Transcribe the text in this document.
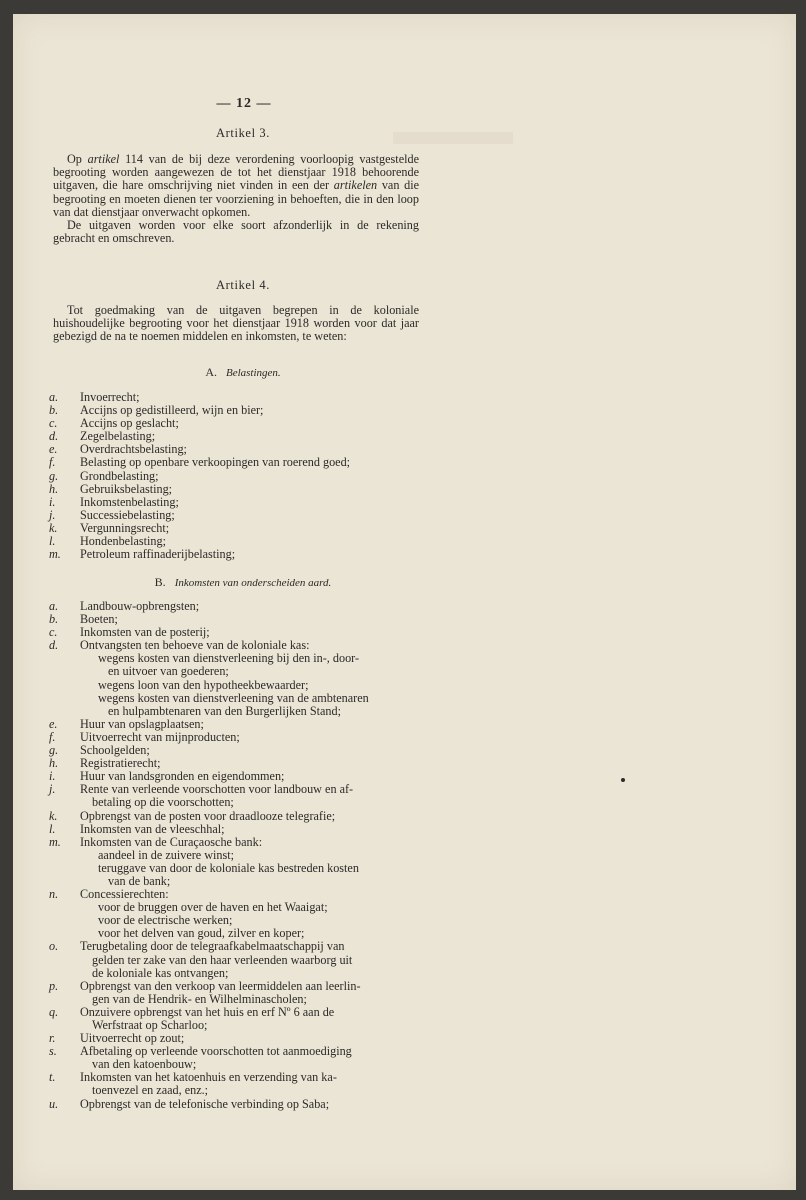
— 12 —
Artikel 3.

Op artikel 114 van de bij deze verordening voorloopig vastgestelde begrooting worden aangewezen de tot het dienstjaar 1918 behoorende uitgaven, die hare omschrijving niet vinden in een der artikelen van die begrooting en moeten dienen ter voorziening in behoeften, die in den loop van dat dienstjaar onverwacht opkomen.

De uitgaven worden voor elke soort afzonderlijk in de rekening gebracht en omschreven.

Artikel 4.

Tot goedmaking van de uitgaven begrepen in de koloniale huishoudelijke begrooting voor het dienstjaar 1918 worden voor dat jaar gebezigd de na te noemen middelen en inkomsten, te weten:

A. Belastingen.
a. Invoerrecht;
b. Accijns op gedistilleerd, wijn en bier;
c. Accijns op geslacht;
d. Zegelbelasting;
e. Overdrachtsbelasting;
f. Belasting op openbare verkoopingen van roerend goed;
g. Grondbelasting;
h. Gebruiksbelasting;
i. Inkomstenbelasting;
j. Successiebelasting;
k. Vergunningsrecht;
l. Hondenbelasting;
m. Petroleum raffinaderijbelasting;
B. Inkomsten van onderscheiden aard.
a. Landbouw-opbrengsten;
b. Boeten;
c. Inkomsten van de posterij;
d. Ontvangsten ten behoeve van de koloniale kas:
wegens kosten van dienstverleening bij den in-, door-
en uitvoer van goederen;
wegens loon van den hypotheekbewaarder;
wegens kosten van dienstverleening van de ambtenaren
en hulpambtenaren van den Burgerlijken Stand;
e. Huur van opslagplaatsen;
f. Uitvoerrecht van mijnproducten;
g. Schoolgelden;
h. Registratierecht;
i. Huur van landsgronden en eigendommen;
j. Rente van verleende voorschotten voor landbouw en af-
betaling op die voorschotten;
k. Opbrengst van de posten voor draadlooze telegrafie;
l. Inkomsten van de vleeschhal;
m. Inkomsten van de Curaçaosche bank:
aandeel in de zuivere winst;
teruggave van door de koloniale kas bestreden kosten
van de bank;
n. Concessierechten:
voor de bruggen over de haven en het Waaigat;
voor de electrische werken;
voor het delven van goud, zilver en koper;
o. Terugbetaling door de telegraafkabelmaatschappij van
gelden ter zake van den haar verleenden waarborg uit
de koloniale kas ontvangen;
p. Opbrengst van den verkoop van leermiddelen aan leerlin-
gen van de Hendrik- en Wilhelminascholen;
q. Onzuivere opbrengst van het huis en erf Nº 6 aan de
Werfstraat op Scharloo;
r. Uitvoerrecht op zout;
s. Afbetaling op verleende voorschotten tot aanmoediging
van den katoenbouw;
t. Inkomsten van het katoenhuis en verzending van ka-
toenvezel en zaad, enz.;
u. Opbrengst van de telefonische verbinding op Saba;
